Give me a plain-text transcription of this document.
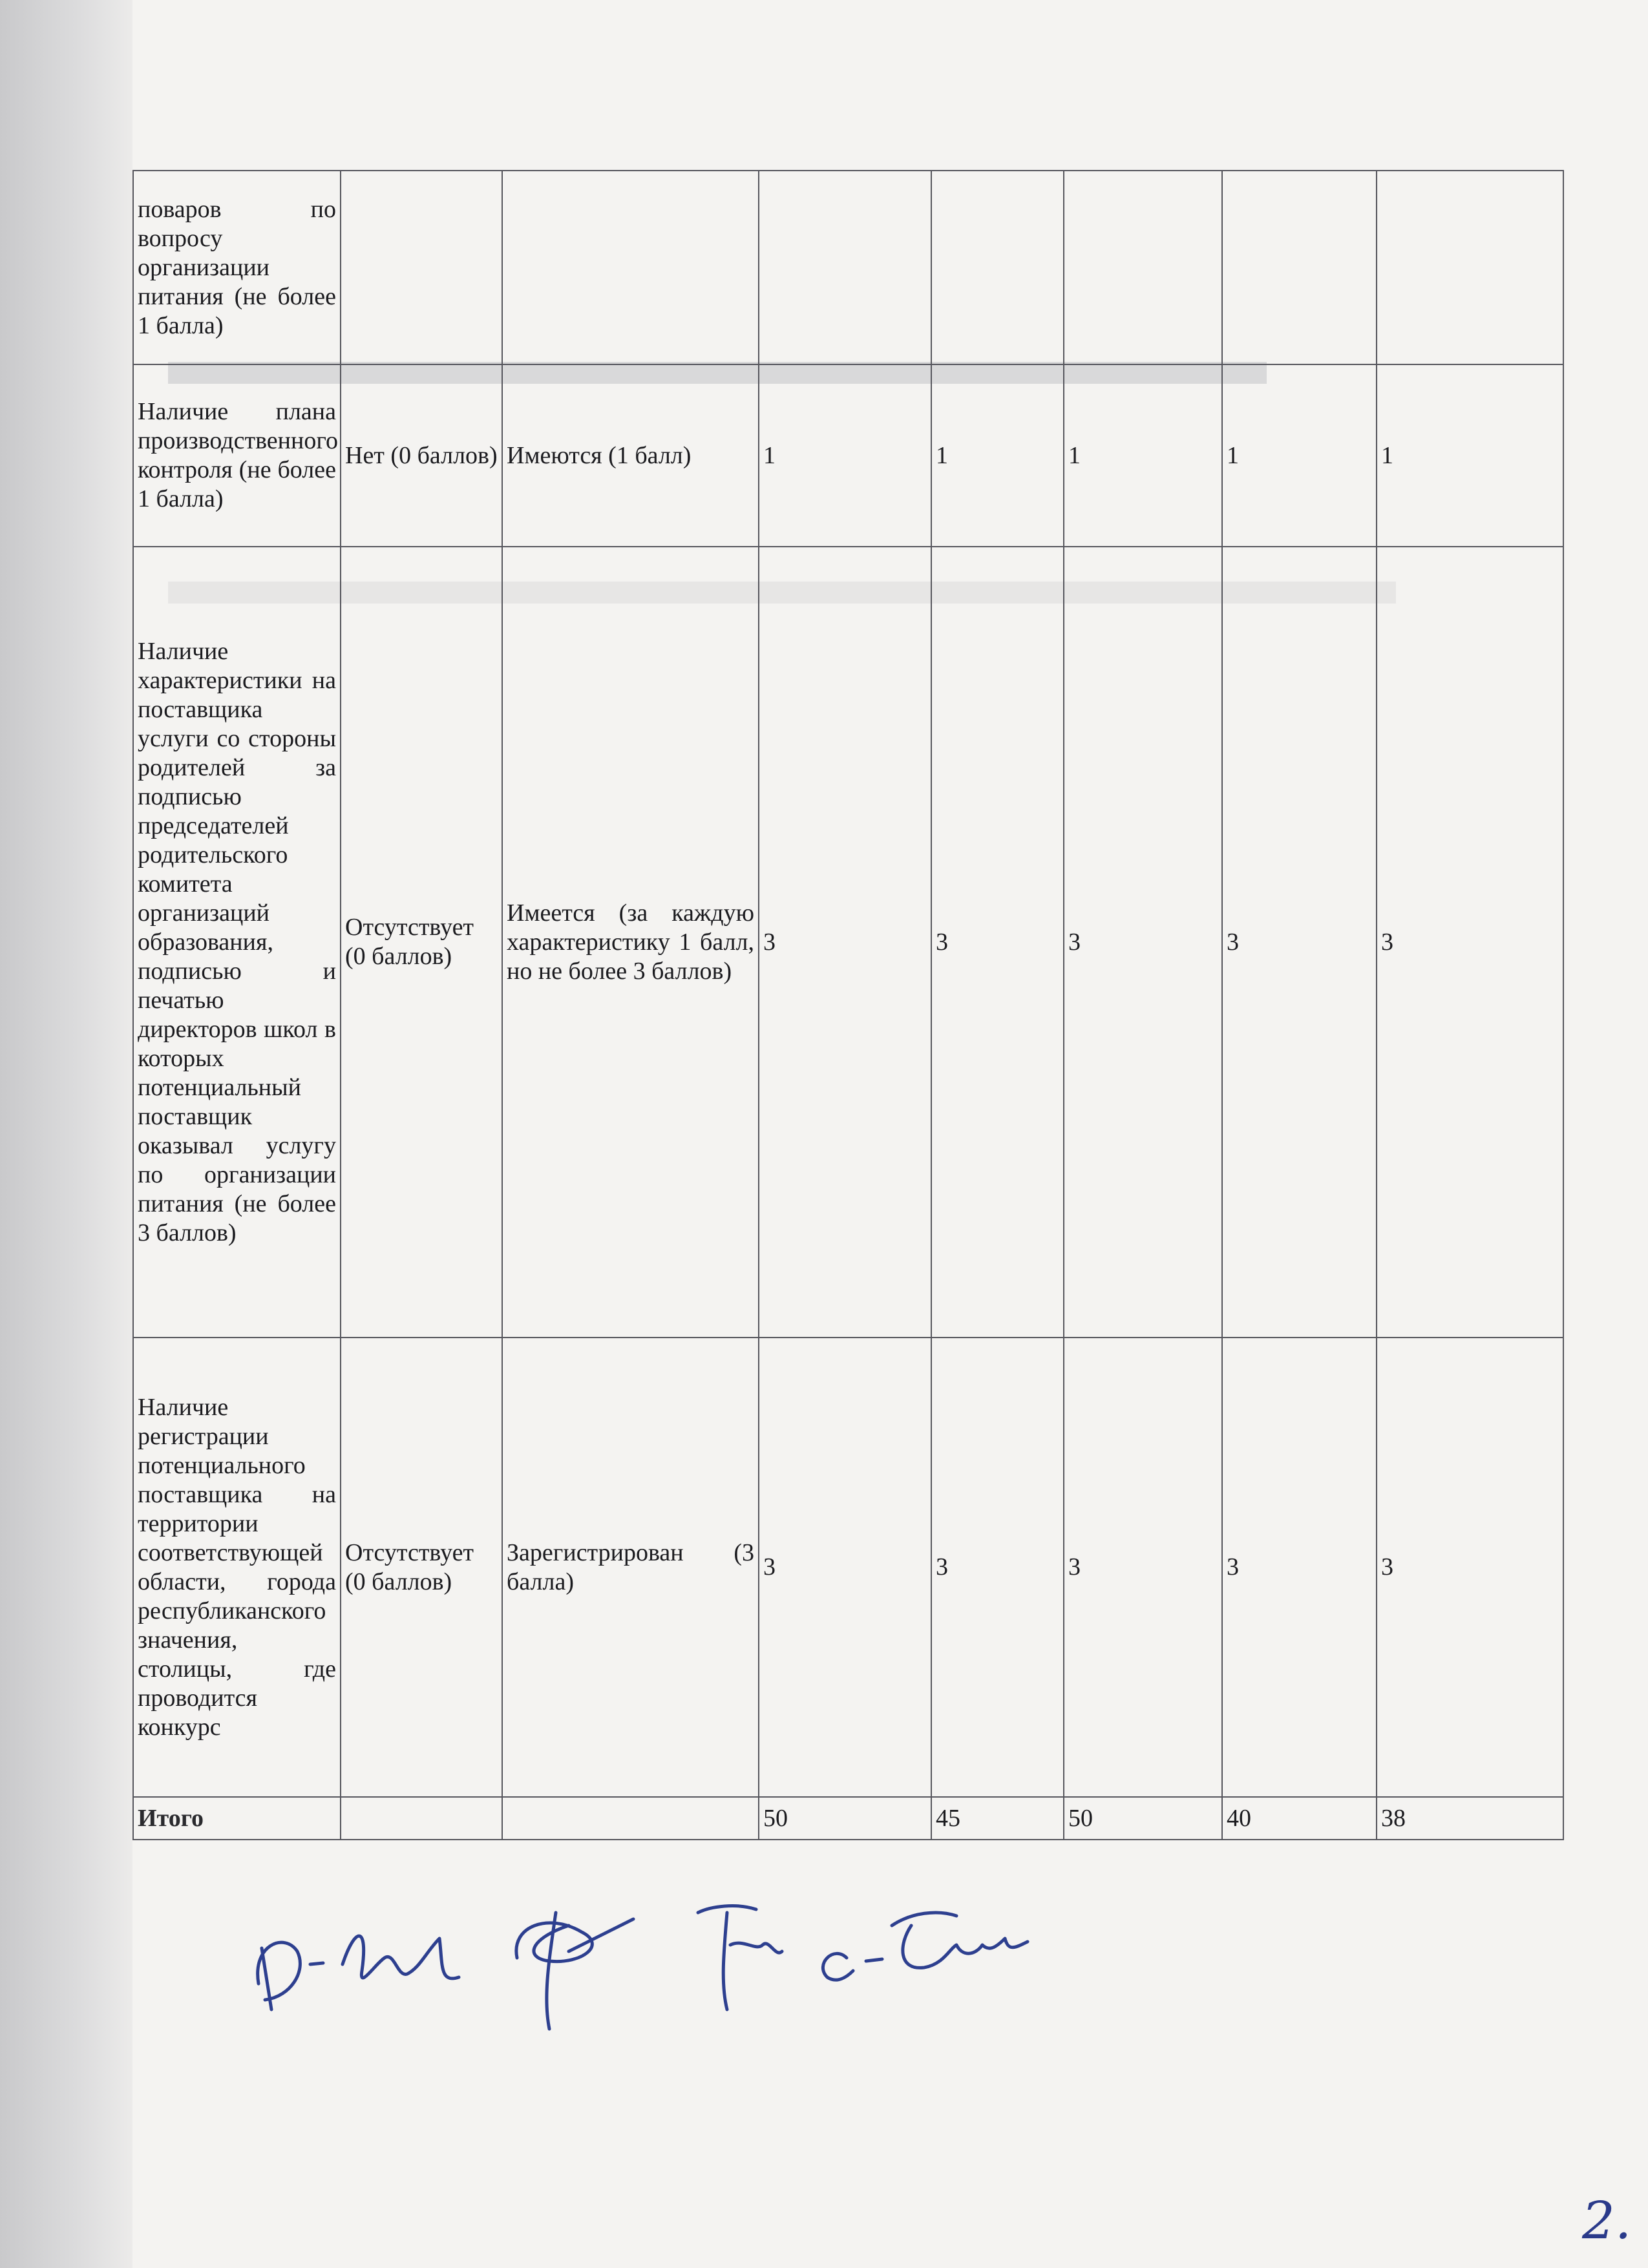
поваров по вопросу организации питания (не более 1 балла)							
Наличие плана производственного контроля (не более 1 балла)	Нет (0 баллов)	Имеются (1 балл)	1	1	1	1	1
Наличие характеристики на поставщика услуги со стороны родителей за подписью председателей родительского комитета организаций образования, подписью и печатью директоров школ в которых потенциальный поставщик оказывал услугу по организации питания (не более 3 баллов)	Отсутствует (0 баллов)	Имеется (за каждую характеристику 1 балл, но не более 3 баллов)	3	3	3	3	3
Наличие регистрации потенциального поставщика на территории соответствующей области, города республиканского значения, столицы, где проводится конкурс	Отсутствует (0 баллов)	Зарегистрирован (3 балла)	3	3	3	3	3
Итого			50	45	50	40	38
2.
